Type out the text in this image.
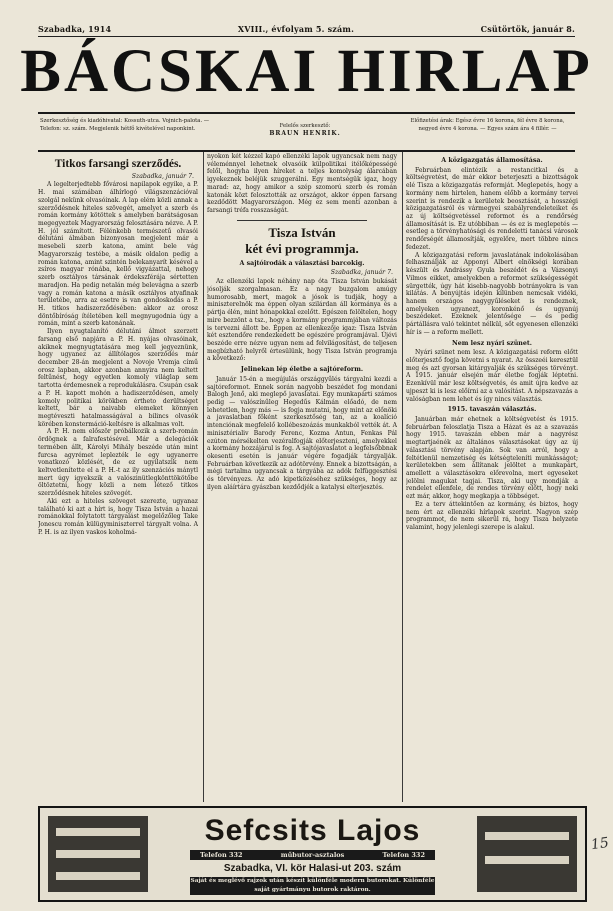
Szabadka, 1914	XVIII., évfolyam 5. szám.	Csütörtök, január 8.
BÁCSKAI HIRLAP
Szerkesztőség és kiadóhivatal: Kossuth-utca. Vojnich-palota. — Telefon: sz. szám. Megjelenik hétfő kivételével naponkint.	Felelős szerkesztő:
BRAUN HENRIK.
Előfizetési árak: Egész évre 16 korona, fél évre 8 korona, negyed évre 4 korona. — Egyes szám ára 4 fillér. —
Titkos farsangi szerződés.
Szabadka, január 7.

A legelterjedtebb fővárosi napilapok egyike, a P. H. mai számában álhírlogó világszenzációval szolgál nekünk olvasóinak. A lap elém közli annak a szerződésnek hiteles szövegét, amelyet a szerb és román kormány kötöttek s amelyben barátságosan megegyeztek Magyarország felosztására nézve. A P. H. jól számított. Félénkebb természetű olvasói délutáni álmában bizonyosan megjelent már a mesebeli szerb katona, amint bele vág Magyarország testébe, a másik oldalon pedig a román katona, amint szintén belekanyarít késével a zsíros magyar rónába, kellő vigyázattal, nehogy szerb osztályos társának érdekszférája sértetten maradjon. Ha pedig netalán még belevágna a szerb vagy a román katona a másik osztályos atyafinak területébe, arra az esetre is van gondoskodás a P. H. titkos hadiszerződésében: akkor az orosz döntőbíróság ítéletében kell megnyugodnia úgy a román, mint a szerb katonának.

Ilyen nyugtalanító délutáni álmot szerzett farsang első napjára a P. H. nyájas olvasóinak, akiknek megnyugtatására meg kell jegyeznünk, hogy ugyanez az állítólagos szerződés már december 28-án megjelent a Novoje Vremja című orosz lapban, akkor azonban annyira nem keltett feltűnést, hogy egyetlen komoly világlap sem tartotta érdemesnek a reprodukálásra. Csupán csak a P. H. kapott mohón a hadiszerződésen, amely komoly politikai körökben értheto derültséget keltett, bár a naivabb elemeket könnyen megtéveszti hatalmasságával a bilincs olvasók körében konstermáció-keltésre is alkalmas volt.

A P. H. nem először próbálkozik a szerb-román ördögnek a falrafestésével. Már a delegációk termében állt, Károlyi Mihály beszéde után mint furcsa agyrémet leplezték le egy ugyanerre vonatkozó közlését, de ez ugyilatszik nem keltvetlenítette el a P. H.-t az ily szenzációs mánytl mert úgy igyekszik a valószinütlegkönttökötőbe öltöztetni, hogy közli a nem létező titkos szerződésnek hiteles szövegét.

Aki ezt a hiteles szöveget szerezte, ugyanaz található ki azt a hírt is, hogy Tisza István a hazai románokkal folytatott tárgyalást megelőzőleg Take Jonescu román külügyminiszterrel tárgyalt volna. A P. H. is az ilyen vaskos koholmá-

nyokon két kézzel kapó ellenzéki lapok ugyancsak nem nagy véleménnyel lehetnek olvasóik külpolitikai itélőképességé felől, hogyha ilyen híreket a teljes komolyság álarcában igyekeznek beléjük szuggerálni. Egy mentségük igaz, hogy marad: az, hogy amikor a szép szomorú szerb és román katonák közt felosztották az országot, akkor éppen farsang kezdődött Magyarországon. Még ez sem menti azonban a farsangi tréfa rosszaságát.

Tisza István
két évi programmja.
A sajtóirodák a választási barcokig.
Szabadka, január 7.

Az ellenzéki lapok néhány nap óta Tisza István bukását jósolják szorgalmasan. Ez a nagy buzgalom amúgy humorosabb, mert, magok a jósok is tudják, hogy a miniszterelnök ma éppen olyan szilárdan áll kormánya és a pártja élén, mint hónapokkal ezelőtt. Egészen felöltelen, hogy mire bezzönt a tsz., hogy a kormány programmjában változás is tervezni állott be. Éppen az ellenkezője igaz: Tisza István két esztendőre rendezkedett be egészére programjával. Újévi beszéde erre nézve ugyan nem ad felvilágosítást, de teljesen megbízható helyről értesülünk, hogy Tisza István programja a következő:

Jelinekan lép életbe a sajtóreform.

Január 15-én a megújulás országgyűlés tárgyalni kezdi a sajtóreformot. Ennek során nagyobb beszédet fog mondani Balogh Jenő, aki meglepő javaslatai. Egy munkapárti számos pedig — valószínűleg Hegedűs Kálmán előadó, de nem lehetetlen, hogy más — is fogja mutatni, hogy mint az előnöki a javaslatban főként szerkesztőség tan, az a koalíció intenciónak megfelelő kollébeszoázás munkakból vették át. A minisztérialiv Barody Ferenc, Kozma Antun, Fenkas Pál ezúton mérsékelten vezéralfogják előterjeszteni, amelyekkel a kormány hozzájárul is fog. A sajtójavaslatot a legfelsőbbnak okesenti esetén is január végére fogadják tárgyalják. Februárban következik az adótörvény. Ennek a bizottságán, a mégi tartalma ugyancsak a tárgyába az adók felfüggesztési és törvényezs. Az adó kipetközéséhez szükséges, hogy az ilyen aláírtára gyászban kezdődjék a katalysi elterjesztés.

A közigazgatás államosítása.

Februárban elintézik a restancitkal és a költségvetést, de már ekkor beterjeszti a bizottságok elé Tisza a közigazgatás reformját. Meglepetés, hogy a kormány nem hirtelen, hanem előbb a kormány tervei szerint is rendezik a kerületek beosztását, a hosszégi közigazgatásról és vármegyei szabályrendeleteiket és az új költségvetéssel reformot és a rendőrség államosítását is. Ez utóbbiban — és ez is meglepetés — esetleg a törvényhatósági és rendeletti tanácsi városok rendőrségét államosítják, egyelőre, mert többre nincs fedezet.

A közigazgatási reform javaslatának indokolásában felhasználják az Apponyi Albert elnökségi korában készült és Andrássy Gyula beszédét és a Vázsonyi Vilmos eikket, amelyekben a reformot szükségességét sürgették, úgy hát kisebb-nagyobb botrányokra is van kilátás. A benyújtás idején kilünben nemcsak vidéki, hanem országos nagygyűléseket is rendeznek, amelyeken ugyanezt, koronkénő és ugyanúj beszédeket. Ezeknek jelentősége — és pedig pártállásra való tekintet nélkül, sőt egyenesen ellenzéki hír is — a reform mellett.

Nem lesz nyári szünet.

Nyári szünet nem lesz. A közigazgatási reform előtt előterjesztő fogja követni s nyarat. Az összeéi keresztül meg és azt gyorsan kitárgyalják és szükséges törvényt. A 1915. január elsején már életbe fogják léptetni. Ezenkívül már lesz költségvetés, és amit újra kedve az ujpeszt ki is lesz előírni az a valósítást. A népszavazás a valóságban nem lehet és így nincs választás.

1915. tavaszán választás.

Januárban már ehetnek a költségvetést és 1915. februárban feloszlatja Tisza a Házat és az a szavazás hogy 1915. tavaszán ebben már a nagyrész megtartjaénék az általános választásokat úgy az új választási törvény alapján. Sok van arról, hogy a feltétlenül nemzetiség és kétségteleníti munkásságot; kerületekben sem állítanak jelöltet a munkapárt, amellett a választásokra előrevolna, mert egyeseket jelölni magukat tagjai. Tisza, aki ugy mondják a rendelet ellenfele, de rendes törvény előtt, hogy neki ezt már, akkor, hogy megkapja a többséget.

Ez a terv áttekintően az kormány, és biztos, hogy nem ért az ellenzéki hírlapok szerint. Nagyon szép programmot, de nem sikerül rá, hogy Tisza helyzete valamint, hogy jelenlegi szerepe is alakul.

Sefcsits Lajos
Telefon 332	műbutor-asztalos	Telefon 332
Szabadka, VI. kör Halasi-ut 203. szám
Saját és meglévő rajzok után készít különféle modern butorokat. Különféle saját gyártmányu butorok raktáron.
15
